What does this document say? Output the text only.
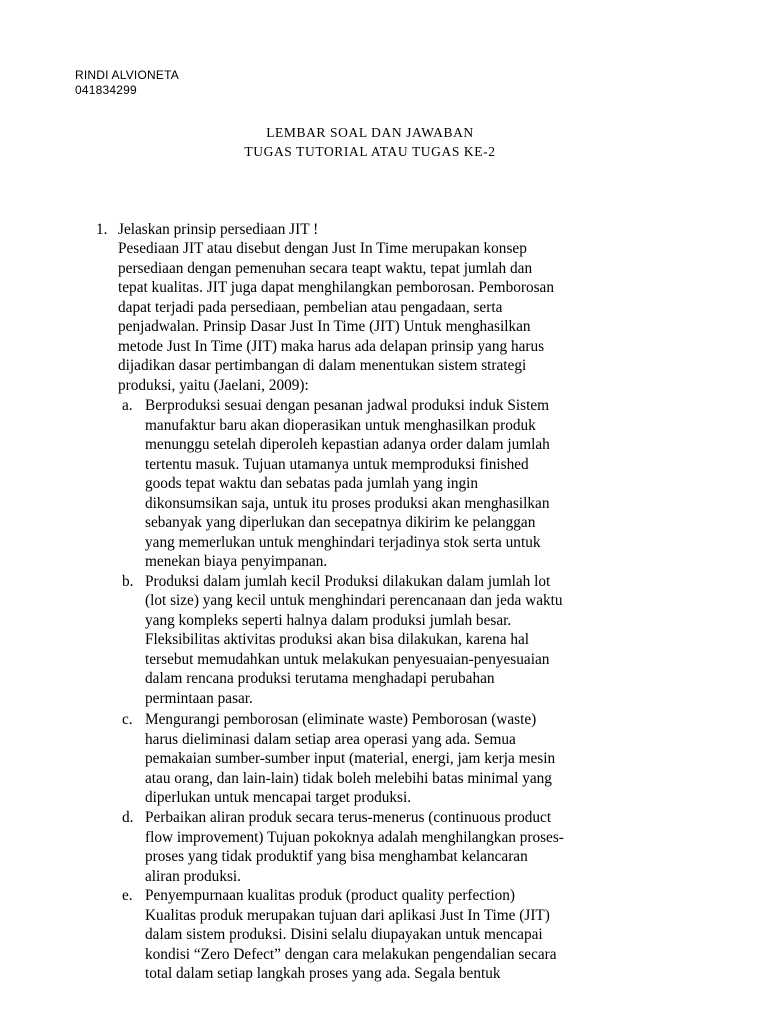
RINDI ALVIONETA
041834299
LEMBAR SOAL DAN JAWABAN
TUGAS TUTORIAL ATAU TUGAS KE-2
1. Jelaskan prinsip persediaan JIT !
Pesediaan JIT atau disebut dengan Just In Time merupakan konsep
persediaan dengan pemenuhan secara teapt waktu, tepat jumlah dan
tepat kualitas. JIT juga dapat menghilangkan pemborosan. Pemborosan
dapat terjadi pada persediaan, pembelian atau pengadaan, serta
penjadwalan. Prinsip Dasar Just In Time (JIT) Untuk menghasilkan
metode Just In Time (JIT) maka harus ada delapan prinsip yang harus
dijadikan dasar pertimbangan di dalam menentukan sistem strategi
produksi, yaitu (Jaelani, 2009):
a. Berproduksi sesuai dengan pesanan jadwal produksi induk Sistem
manufaktur baru akan dioperasikan untuk menghasilkan produk
menunggu setelah diperoleh kepastian adanya order dalam jumlah
tertentu masuk. Tujuan utamanya untuk memproduksi finished
goods tepat waktu dan sebatas pada jumlah yang ingin
dikonsumsikan saja, untuk itu proses produksi akan menghasilkan
sebanyak yang diperlukan dan secepatnya dikirim ke pelanggan
yang memerlukan untuk menghindari terjadinya stok serta untuk
menekan biaya penyimpanan.
b. Produksi dalam jumlah kecil Produksi dilakukan dalam jumlah lot
(lot size) yang kecil untuk menghindari perencanaan dan jeda waktu
yang kompleks seperti halnya dalam produksi jumlah besar.
Fleksibilitas aktivitas produksi akan bisa dilakukan, karena hal
tersebut memudahkan untuk melakukan penyesuaian-penyesuaian
dalam rencana produksi terutama menghadapi perubahan
permintaan pasar.
c. Mengurangi pemborosan (eliminate waste) Pemborosan (waste)
harus dieliminasi dalam setiap area operasi yang ada. Semua
pemakaian sumber-sumber input (material, energi, jam kerja mesin
atau orang, dan lain-lain) tidak boleh melebihi batas minimal yang
diperlukan untuk mencapai target produksi.
d. Perbaikan aliran produk secara terus-menerus (continuous product
flow improvement) Tujuan pokoknya adalah menghilangkan proses-
proses yang tidak produktif yang bisa menghambat kelancaran
aliran produksi.
e. Penyempurnaan kualitas produk (product quality perfection)
Kualitas produk merupakan tujuan dari aplikasi Just In Time (JIT)
dalam sistem produksi. Disini selalu diupayakan untuk mencapai
kondisi “Zero Defect” dengan cara melakukan pengendalian secara
total dalam setiap langkah proses yang ada. Segala bentuk
